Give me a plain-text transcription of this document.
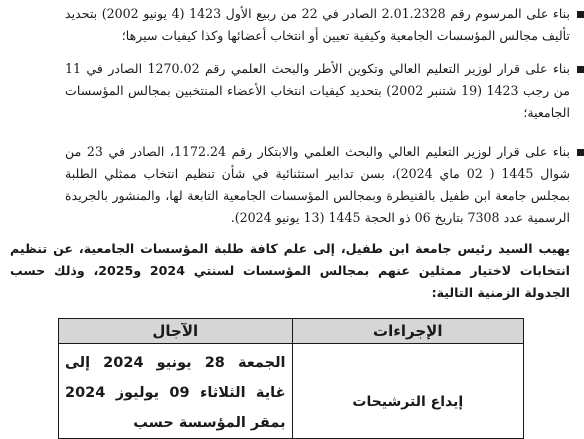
بناء على المرسوم رقم 2.01.2328 الصادر في 22 من ربيع الأول 1423 (4 يونيو 2002) بتحديد تأليف مجالس المؤسسات الجامعية وكيفية تعيين أو انتخاب أعضائها وكذا كيفيات سيرها؛
بناء على قرار لوزير التعليم العالي وتكوين الأطر والبحث العلمي رقم 1270.02 الصادر في 11 من رجب 1423 (19 شتنبر 2002) بتحديد كيفيات انتخاب الأعضاء المنتخبين بمجالس المؤسسات الجامعية؛
بناء على قرار لوزير التعليم العالي والبحث العلمي والابتكار رقم 1172.24، الصادر في 23 من شوال 1445 ( 02 ماي 2024)، بسن تدابير استثنائية في شأن تنظيم انتخاب ممثلي الطلبة بمجلس جامعة ابن طفيل بالقنيطرة وبمجالس المؤسسات الجامعية التابعة لها، والمنشور بالجريدة الرسمية عدد 7308 بتاريخ 06 ذو الحجة 1445 (13 يونيو 2024).
يهيب السيد رئيس جامعة ابن طفيل، إلى علم كافة طلبة المؤسسات الجامعية، عن تنظيم انتخابات لاختيار ممثلين عنهم بمجالس المؤسسات لسنتي 2024 و2025، وذلك حسب الجدولة الزمنية التالية:
الإجراءات	الآجال

إيداع الترشيحات	الجمعة 28 يونيو 2024 إلى غاية الثلاثاء 09 يوليوز 2024 بمقر المؤسسة حسب
